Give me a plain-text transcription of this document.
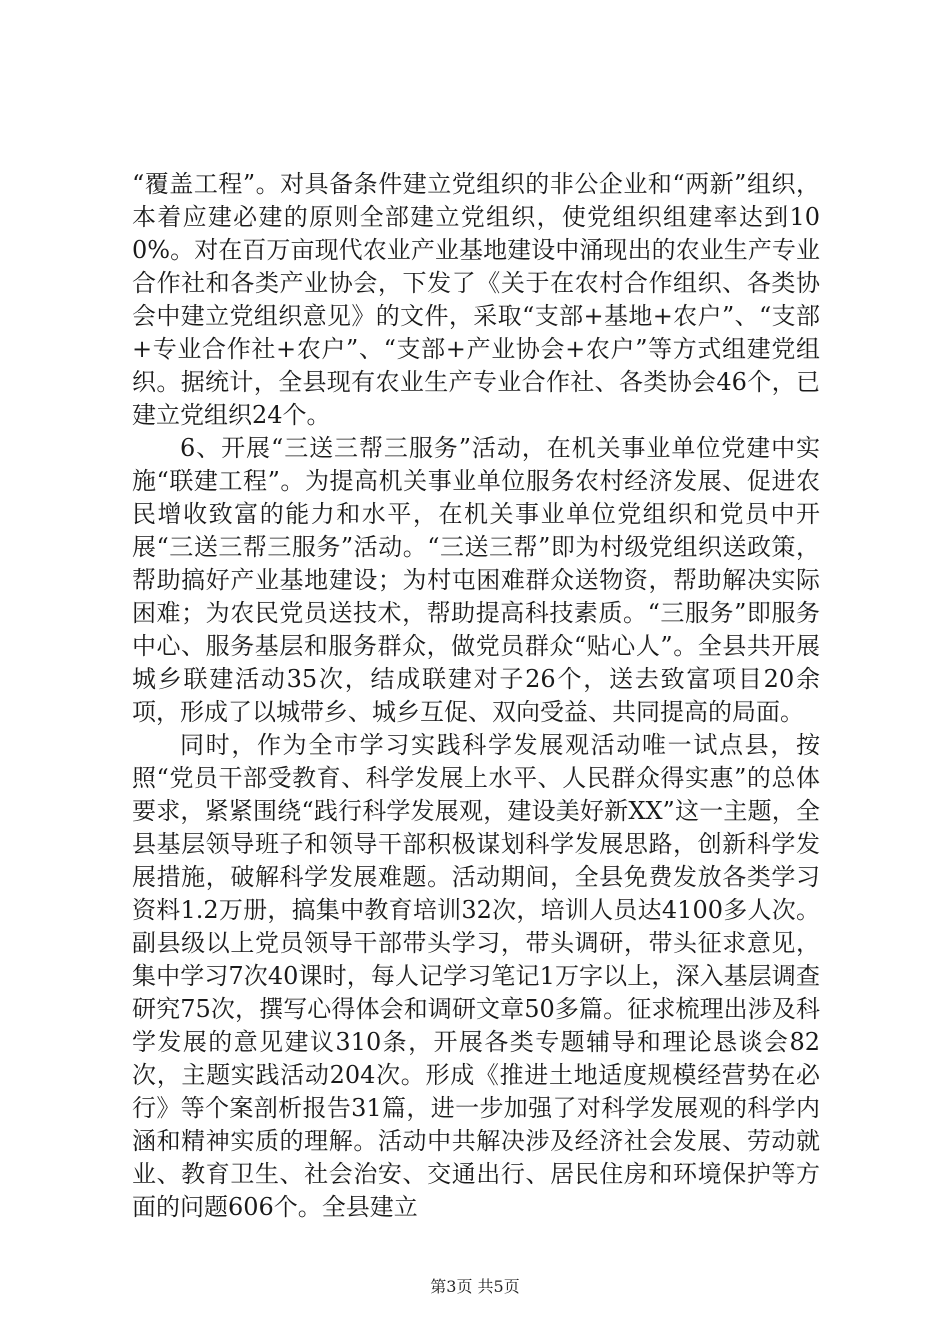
“覆盖工程”。对具备条件建立党组织的非公企业和“两新”组织，本着应建必建的原则全部建立党组织，使党组织组建率达到100%。对在百万亩现代农业产业基地建设中涌现出的农业生产专业合作社和各类产业协会，下发了《关于在农村合作组织、各类协会中建立党组织意见》的文件，采取“支部+基地+农户”、“支部+专业合作社+农户”、“支部+产业协会+农户”等方式组建党组织。据统计，全县现有农业生产专业合作社、各类协会46个，已建立党组织24个。

6、开展“三送三帮三服务”活动，在机关事业单位党建中实施“联建工程”。为提高机关事业单位服务农村经济发展、促进农民增收致富的能力和水平，在机关事业单位党组织和党员中开展“三送三帮三服务”活动。“三送三帮”即为村级党组织送政策，帮助搞好产业基地建设；为村屯困难群众送物资，帮助解决实际困难；为农民党员送技术，帮助提高科技素质。“三服务”即服务中心、服务基层和服务群众，做党员群众“贴心人”。全县共开展城乡联建活动35次，结成联建对子26个，送去致富项目20余项，形成了以城带乡、城乡互促、双向受益、共同提高的局面。

同时，作为全市学习实践科学发展观活动唯一试点县，按照“党员干部受教育、科学发展上水平、人民群众得实惠”的总体要求，紧紧围绕“践行科学发展观，建设美好新XX”这一主题，全县基层领导班子和领导干部积极谋划科学发展思路，创新科学发展措施，破解科学发展难题。活动期间，全县免费发放各类学习资料1.2万册，搞集中教育培训32次，培训人员达4100多人次。副县级以上党员领导干部带头学习，带头调研，带头征求意见，集中学习7次40课时，每人记学习笔记1万字以上，深入基层调查研究75次，撰写心得体会和调研文章50多篇。征求梳理出涉及科学发展的意见建议310条，开展各类专题辅导和理论恳谈会82次，主题实践活动204次。形成《推进土地适度规模经营势在必行》等个案剖析报告31篇，进一步加强了对科学发展观的科学内涵和精神实质的理解。活动中共解决涉及经济社会发展、劳动就业、教育卫生、社会治安、交通出行、居民住房和环境保护等方面的问题606个。全县建立

第3页 共5页
